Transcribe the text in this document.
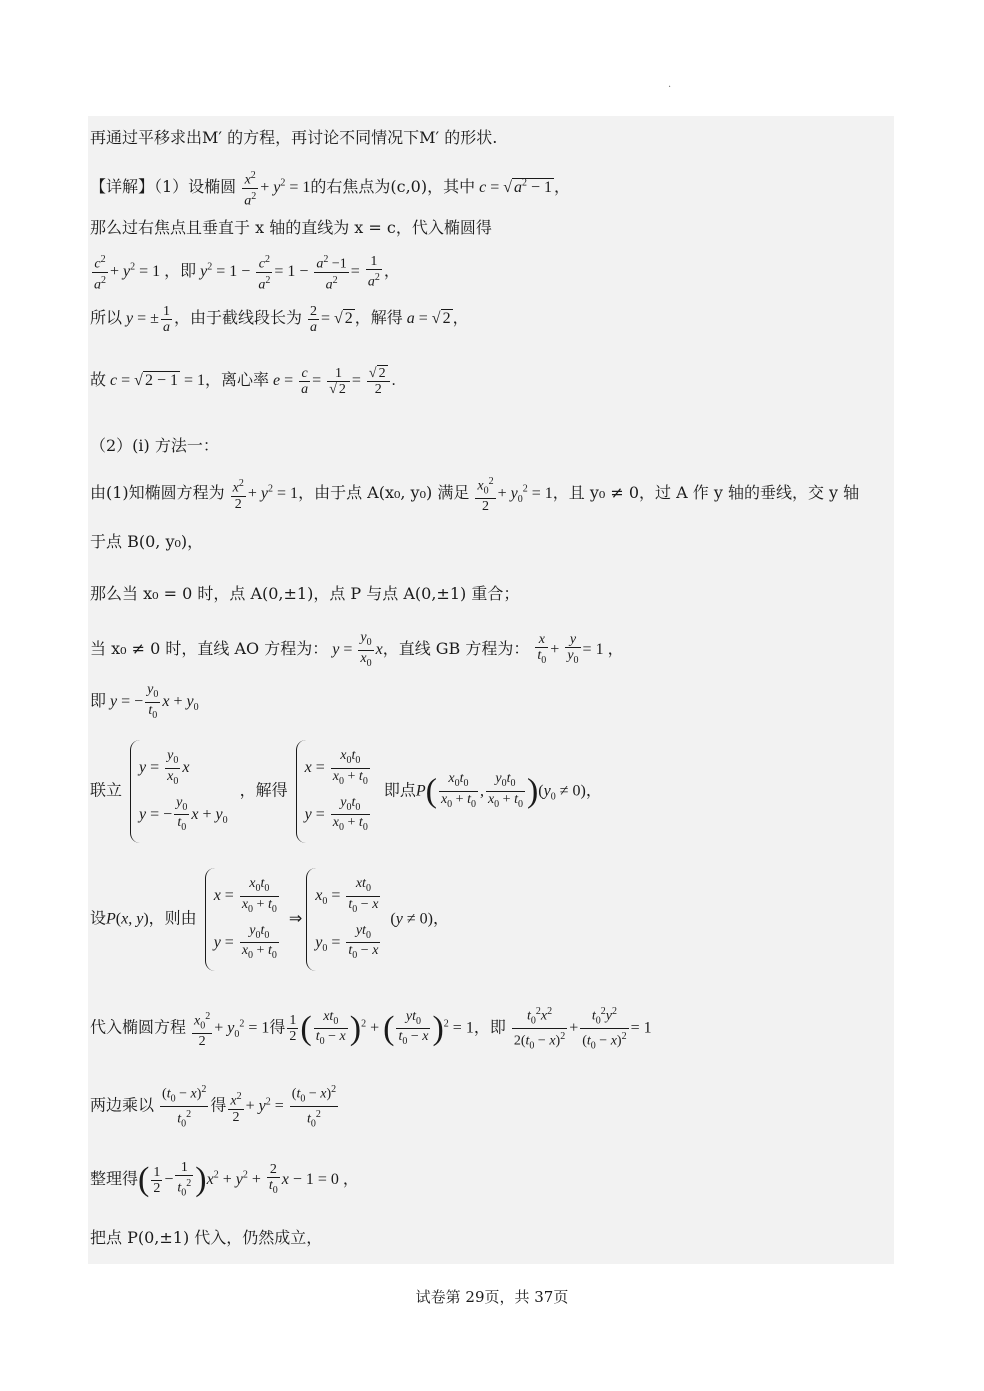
·
再通过平移求出M′ 的方程，再讨论不同情况下M′ 的形状.
【详解】（1）设椭圆 $\frac{x^2}{a^2} + y^2 = 1$的右焦点为(c,0)，其中 c = √ $a^2 - 1$ ，
那么过右焦点且垂直于 x 轴的直线为 x = c，代入椭圆得
$\frac{c^2}{a^2} + y^2 = 1$ ，即 $y^2 = 1 - \frac{c^2}{a^2} = 1 - \frac{a^2 -1}{a^2} = \frac{1}{a^2}$ ，
所以 y = ± $\frac{1}{a}$ ，由于截线段长为 $\frac{2}{a}$ = √ 2 ，解得 a = √ 2 ，
故 c = √ 2 − 1 = 1，离心率 $e = \frac{c}{a} = \frac{1}{√ 2} = \frac{√ 2}{2}$ .
（2）(i) 方法一：
由(1)知椭圆方程为 $\frac{x^2}{2} + y^2 = 1$，由于点 A(x₀, y₀) 满足 $\frac{x_0^2}{2} + y_0^2 = 1$，且 y₀ ≠ 0，过 A 作 y 轴的垂线，交 y 轴
于点 B(0, y₀)，
那么当 x₀ = 0 时，点 A(0,±1)，点 P 与点 A(0,±1) 重合；
当 x₀ ≠ 0 时，直线 AO 方程为： $y = \frac{y_0}{x_0}$ x，直线 GB 方程为： $\frac{x}{t_0} + \frac{y}{y_0} = 1$ ，
即 y = − $\frac{y_0}{t_0}$ $x + y_0$
联立
$y = \frac{y_0}{x_0}$ x
y = − $\frac{y_0}{t_0}$ $x + y_0$
，解得
$x = \frac{x_0t_0}{x_0 + t_0}$
$y = \frac{y_0t_0}{x_0 + t_0}$
即点$P( \frac{x_0t_0}{x_0 + t_0}$ , $\frac{y_0t_0}{x_0 + t_0} )(y_0 \ne 0)$，
设P(x, y)，则由
$x = \frac{x_0t_0}{x_0 + t_0}$
$y = \frac{y_0t_0}{x_0 + t_0}$
⇒
$x_0 = \frac{xt_0}{t_0 - x}$
$y_0 = \frac{yt_0}{t_0 - x}$
(y ≠ 0)，
代入椭圆方程 $\frac{x_0^2}{2} + y_0^2 = 1$得 $\frac{1}{2}$ ( $\frac{xt_0}{t_0 - x} )^2$ + ( $\frac{yt_0}{t_0 - x} )^2 = 1$，即 $\frac{t_0^2x^2}{2(t_0 - x)^2} + \frac{t_0^2y^2}{(t_0 - x)^2} = 1$
两边乘以 $\frac{(t_0 - x)^2}{t_0^2}$ 得 $\frac{x^2}{2} + y^2 = \frac{(t_0 - x)^2}{t_0^2}$
整理得( $\frac{1}{2} - \frac{1}{t_0^2} )x^2 + y^2 + \frac{2}{t_0}$ x − 1 = 0 ，
把点 P(0,±1) 代入，仍然成立，
试卷第 29页，共 37页
